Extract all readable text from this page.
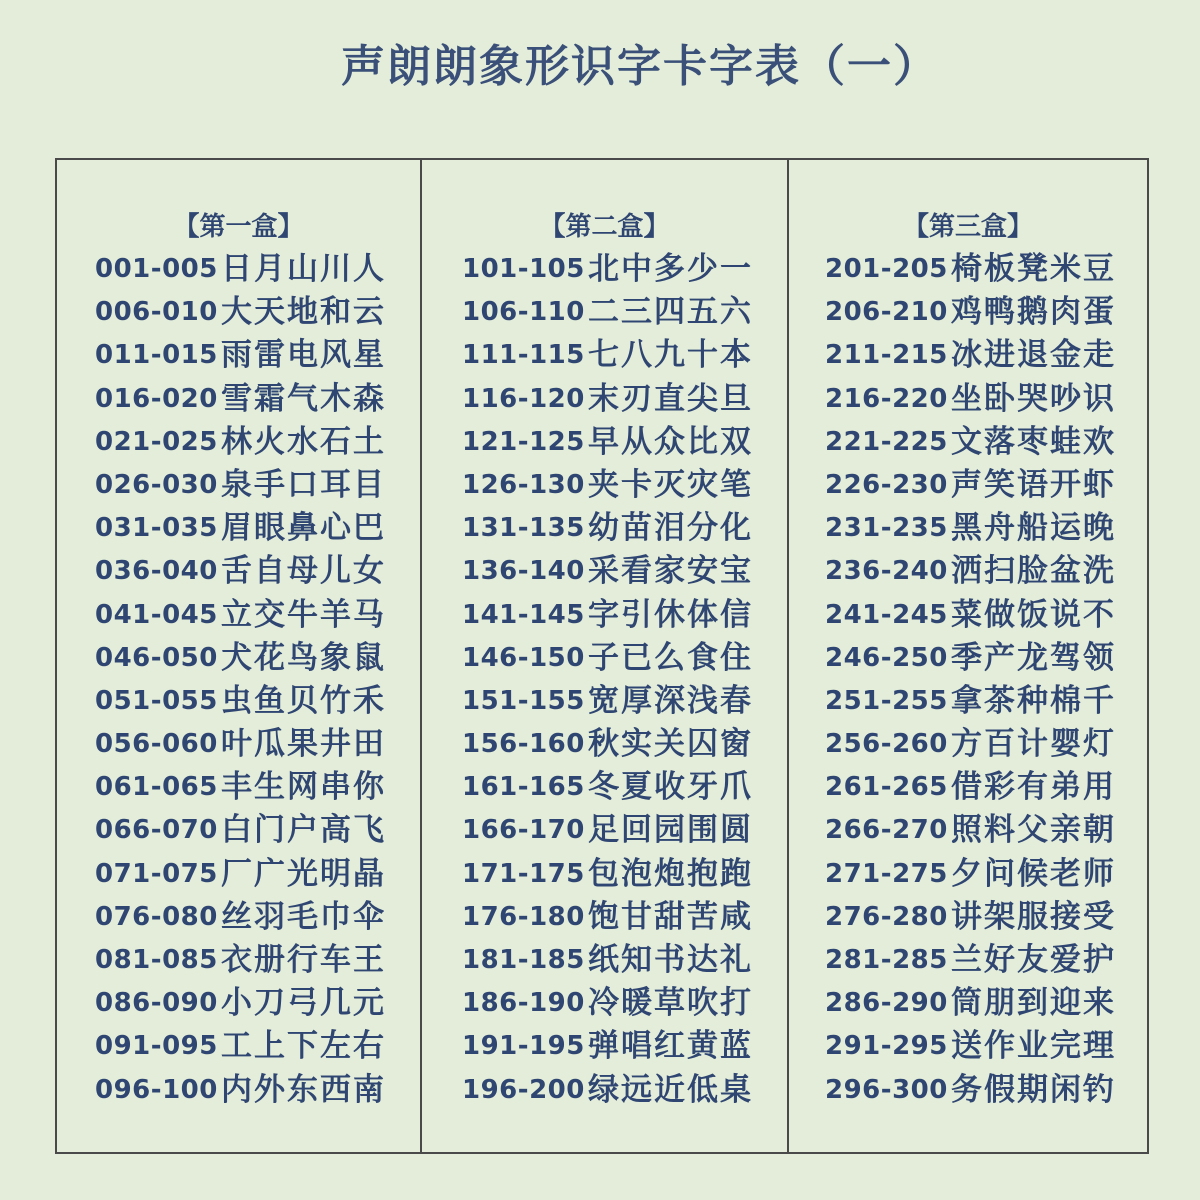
声朗朗象形识字卡字表（一）
【第一盒】
001-005 日月山川人
006-010 大天地和云
011-015 雨雷电风星
016-020 雪霜气木森
021-025 林火水石土
026-030 泉手口耳目
031-035 眉眼鼻心巴
036-040 舌自母儿女
041-045 立交牛羊马
046-050 犬花鸟象鼠
051-055 虫鱼贝竹禾
056-060 叶瓜果井田
061-065 丰生网串你
066-070 白门户高飞
071-075 厂广光明晶
076-080 丝羽毛巾伞
081-085 衣册行车王
086-090 小刀弓几元
091-095 工上下左右
096-100 内外东西南
【第二盒】
101-105 北中多少一
106-110 二三四五六
111-115 七八九十本
116-120 末刃直尖旦
121-125 早从众比双
126-130 夹卡灭灾笔
131-135 幼苗泪分化
136-140 采看家安宝
141-145 字引休体信
146-150 子已么食住
151-155 宽厚深浅春
156-160 秋实关囚窗
161-165 冬夏收牙爪
166-170 足回园围圆
171-175 包泡炮抱跑
176-180 饱甘甜苦咸
181-185 纸知书达礼
186-190 冷暖草吹打
191-195 弹唱红黄蓝
196-200 绿远近低桌
【第三盒】
201-205 椅板凳米豆
206-210 鸡鸭鹅肉蛋
211-215 冰进退金走
216-220 坐卧哭吵识
221-225 文落枣蛙欢
226-230 声笑语开虾
231-235 黑舟船运晚
236-240 洒扫脸盆洗
241-245 菜做饭说不
246-250 季产龙驾领
251-255 拿茶种棉千
256-260 方百计婴灯
261-265 借彩有弟用
266-270 照料父亲朝
271-275 夕问候老师
276-280 讲架服接受
281-285 兰好友爱护
286-290 筒朋到迎来
291-295 送作业完理
296-300 务假期闲钓
